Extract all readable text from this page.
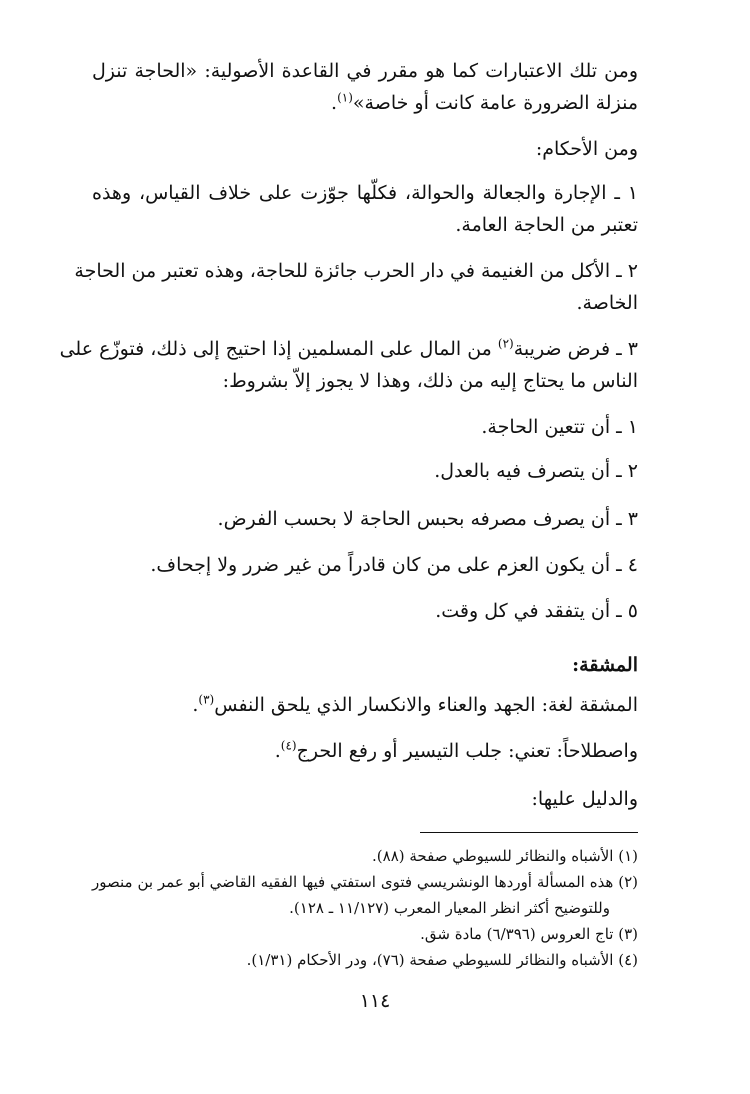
ومن تلك الاعتبارات كما هو مقرر في القاعدة الأصولية: «الحاجة تنزل
منزلة الضرورة عامة كانت أو خاصة»$^{(١)}$.
ومن الأحكام:
١ ـ الإجارة والجعالة والحوالة، فكلّها جوّزت على خلاف القياس، وهذه
تعتبر من الحاجة العامة.
٢ ـ الأكل من الغنيمة في دار الحرب جائزة للحاجة، وهذه تعتبر من الحاجة
الخاصة.
٣ ـ فرض ضريبة$^{(٢)}$ من المال على المسلمين إذا احتيج إلى ذلك، فتوزّع على
الناس ما يحتاج إليه من ذلك، وهذا لا يجوز إلاّ بشروط:
١ ـ أن تتعين الحاجة.
٢ ـ أن يتصرف فيه بالعدل.
٣ ـ أن يصرف مصرفه بحبس الحاجة لا بحسب الفرض.
٤ ـ أن يكون العزم على من كان قادراً من غير ضرر ولا إجحاف.
٥ ـ أن يتفقد في كل وقت.
المشقة:
المشقة لغة: الجهد والعناء والانكسار الذي يلحق النفس$^{(٣)}$.
واصطلاحاً: تعني: جلب التيسير أو رفع الحرج$^{(٤)}$.
والدليل عليها:
(١) الأشباه والنظائر للسيوطي صفحة (٨٨).
(٢) هذه المسألة أوردها الونشريسي فتوى استفتي فيها الفقيه القاضي أبو عمر بن منصور
وللتوضيح أكثر انظر المعيار المعرب (١١/١٢٧ ـ ١٢٨).
(٣) تاج العروس (٦/٣٩٦) مادة شق.
(٤) الأشباه والنظائر للسيوطي صفحة (٧٦)، ودر الأحكام (١/٣١).
١١٤
